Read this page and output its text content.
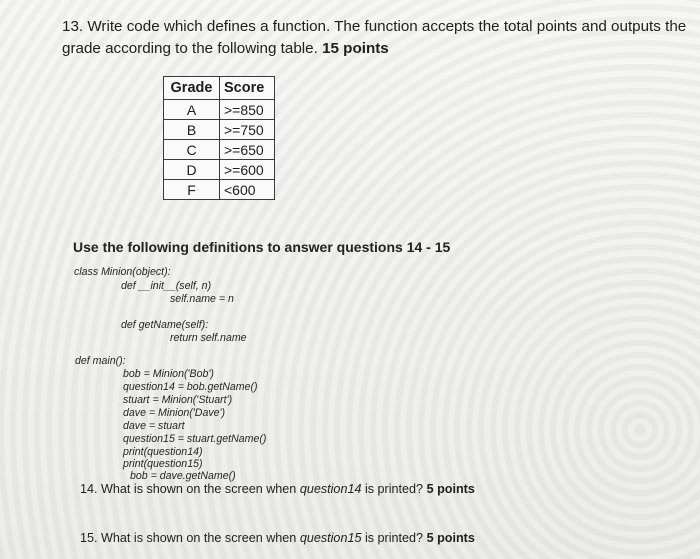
13. Write code which defines a function. The function accepts the total points and outputs the grade according to the following table. 15 points
Grade	Score
A	>=850
B	>=750
C	>=650
D	>=600
F	<600
Use the following definitions to answer questions 14 - 15
class Minion(object):
def __init__(self, n)
self.name = n
def getName(self):
return self.name
def main():
bob = Minion('Bob')
question14 = bob.getName()
stuart = Minion('Stuart')
dave = Minion('Dave')
dave = stuart
question15 = stuart.getName()
print(question14)
print(question15)
bob = dave.getName()
14. What is shown on the screen when question14 is printed? 5 points
15. What is shown on the screen when question15 is printed? 5 points
